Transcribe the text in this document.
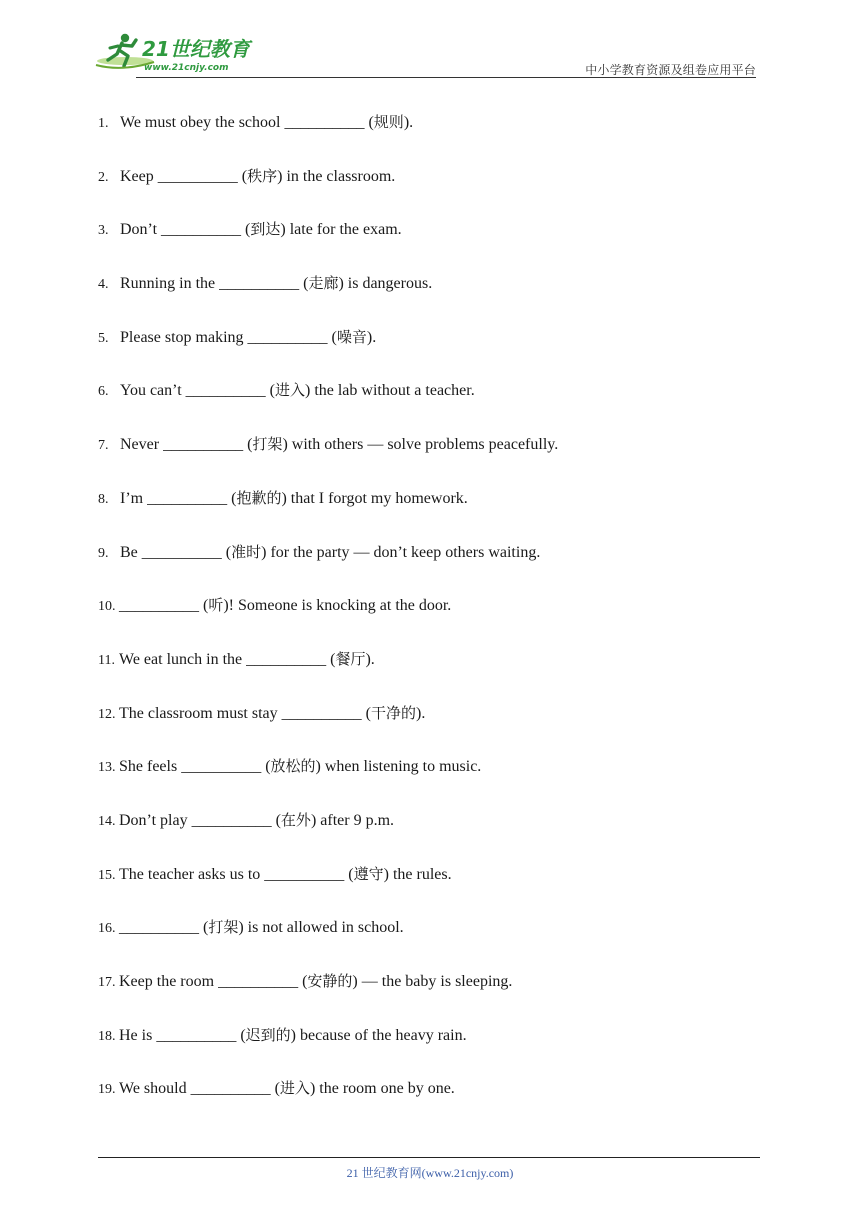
21世纪教育
www.21cnjy.com	中小学教育资源及组卷应用平台
1. We must obey the school __________ (规则).
2. Keep __________ (秩序) in the classroom.
3. Don’t __________ (到达) late for the exam.
4. Running in the __________ (走廊) is dangerous.
5. Please stop making __________ (噪音).
6. You can’t __________ (进入) the lab without a teacher.
7. Never __________ (打架) with others — solve problems peacefully.
8. I’m __________ (抱歉的) that I forgot my homework.
9. Be __________ (准时) for the party — don’t keep others waiting.
10. __________ (听)! Someone is knocking at the door.
11. We eat lunch in the __________ (餐厅).
12. The classroom must stay __________ (干净的).
13. She feels __________ (放松的) when listening to music.
14. Don’t play __________ (在外) after 9 p.m.
15. The teacher asks us to __________ (遵守) the rules.
16. __________ (打架) is not allowed in school.
17. Keep the room __________ (安静的) — the baby is sleeping.
18. He is __________ (迟到的) because of the heavy rain.
19. We should __________ (进入) the room one by one.
21 世纪教育网(www.21cnjy.com)
